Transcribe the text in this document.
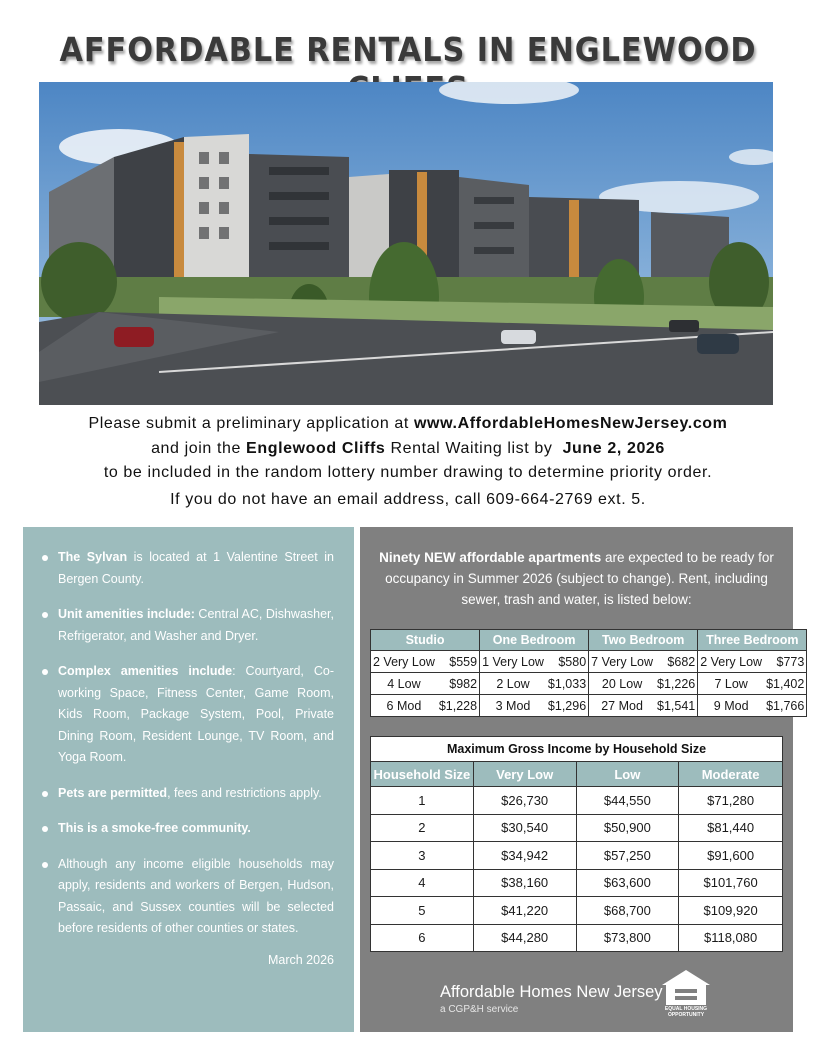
AFFORDABLE RENTALS IN ENGLEWOOD
Please submit a preliminary application at www.AffordableHomesNewJersey.com
and join the Englewood Cliffs Rental Waiting list by  June 2, 2026
to be included in the random lottery number drawing to determine priority order.
If you do not have an email address, call 609-664-2769 ext. 5.
The Sylvan is located at 1 Valentine Street in Bergen County.
Unit amenities include: Central AC, Dishwasher, Refrigerator, and Washer and Dryer.
Complex amenities include: Courtyard, Co-working Space, Fitness Center, Game Room, Kids Room, Package System, Pool, Private Dining Room, Resident Lounge, TV Room, and Yoga Room.
Pets are permitted, fees and restrictions apply.
This is a smoke-free community.
Although any income eligible households may apply, residents and workers of Bergen, Hudson, Passaic, and Sussex counties will be selected before residents of other counties or states.
March 2026
Ninety NEW affordable apartments are expected to be ready for occupancy in Summer 2026 (subject to change). Rent, including sewer, trash and water, is listed below:
Studio		One Bedroom		Two Bedroom		Three Bedroom	
2 Very Low	$559	1 Very Low	$580	7 Very Low	$682	2 Very Low	$773
4 Low	$982	2 Low	$1,033	20 Low	$1,226	7 Low	$1,402
6 Mod	$1,228	3 Mod	$1,296	27 Mod	$1,541	9 Mod	$1,766
Maximum Gross Income by Household Size			
Household Size	Very Low	Low	Moderate
1	$26,730	$44,550	$71,280
2	$30,540	$50,900	$81,440
3	$34,942	$57,250	$91,600
4	$38,160	$63,600	$101,760
5	$41,220	$68,700	$109,920
6	$44,280	$73,800	$118,080
Affordable Homes New Jersey
a CGP&H service	EQUAL HOUSING
OPPORTUNITY
